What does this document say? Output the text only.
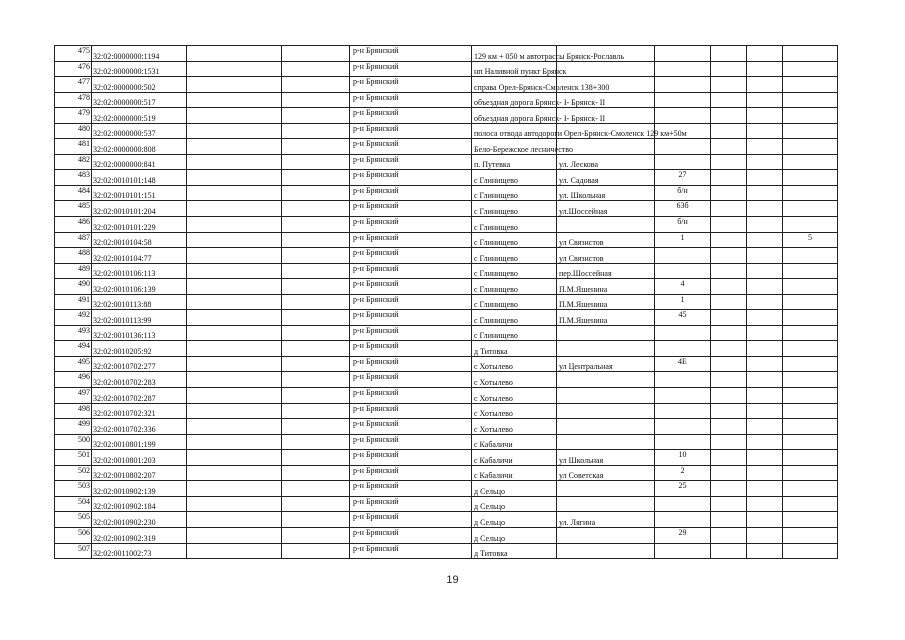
475	32:02:0000000:1194			р-н Брянский	129 км + 050 м автотрассы Брянск-Рославль					
476	32:02:0000000:1531			р-н Брянский	нп Наливной пункт Брянск					
477	32:02:0000000:502			р-н Брянский	справа Орел-Брянск-Смоленск 138+300					
478	32:02:0000000:517			р-н Брянский	объездная дорога Брянск- I- Брянск- II					
479	32:02:0000000:519			р-н Брянский	объездная дорога Брянск- I- Брянск- II					
480	32:02:0000000:537			р-н Брянский	полоса отвода автодороги Орел-Брянск-Смоленск 129 км+50м					
481	32:02:0000000:808			р-н Брянский	Бело-Бережское лесничество					
482	32:02:0000000:841			р-н Брянский	п. Путевка	ул. Лескова				
483	32:02:0010101:148			р-н Брянский	с Глинищево	ул. Садовая	27			
484	32:02:0010101:151			р-н Брянский	с Глинищево	ул. Школьная	б/н			
485	32:02:0010101:204			р-н Брянский	с Глинищево	ул.Шоссейная	63б			
486	32:02:0010101:229			р-н Брянский	с Глинищево		б/н			
487	32:02:0010104:58			р-н Брянский	с Глинищево	ул Связистов	1			5
488	32:02:0010104:77			р-н Брянский	с Глинищево	ул Связистов				
489	32:02:0010106:113			р-н Брянский	с Глинищево	пер.Шоссейная				
490	32:02:0010106:139			р-н Брянский	с Глинищево	П.М.Яшенина	4			
491	32:02:0010113:88			р-н Брянский	с Глинищево	П.М.Яшенина	1			
492	32:02:0010113:99			р-н Брянский	с Глинищево	П.М.Яшенина	45			
493	32:02:0010136:113			р-н Брянский	с Глинищево					
494	32:02:0010205:92			р-н Брянский	д Титовка					
495	32:02:0010702:277			р-н Брянский	с Хотылево	ул Центральная	4Е			
496	32:02:0010702:283			р-н Брянский	с Хотылево					
497	32:02:0010702:287			р-н Брянский	с Хотылево					
498	32:02:0010702:321			р-н Брянский	с Хотылево					
499	32:02:0010702:336			р-н Брянский	с Хотылево					
500	32:02:0010801:199			р-н Брянский	с Кабаличи					
501	32:02:0010801:203			р-н Брянский	с Кабаличи	ул Школьная	10			
502	32:02:0010802:207			р-н Брянский	с Кабаличи	ул Советская	2			
503	32:02:0010902:139			р-н Брянский	д Сельцо		25			
504	32:02:0010902:184			р-н Брянский	д Сельцо					
505	32:02:0010902:230			р-н Брянский	д Сельцо	ул. Лягина				
506	32:02:0010902:319			р-н Брянский	д Сельцо		29			
507	32:02:0011002:73			р-н Брянский	д Титовка					
19
